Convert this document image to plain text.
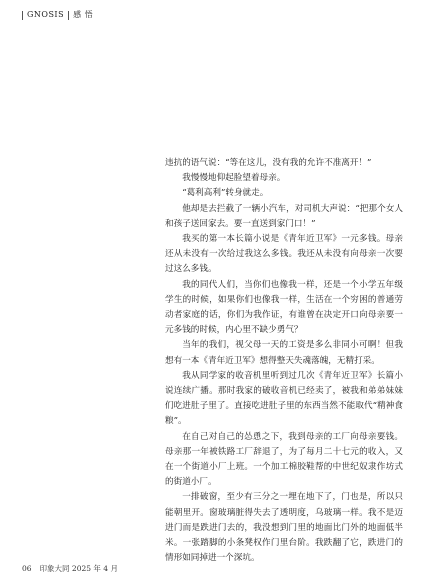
GNOSIS 感 悟

违抗的语气说：“等在这儿，没有我的允许不准离开！”

我慢慢地仰起脸望着母亲。

“葛利高利”转身就走。

他却是去拦截了一辆小汽车，对司机大声说：“把那个女人和孩子送回家去。要一直送到家门口！”

我买的第一本长篇小说是《青年近卫军》一元多钱。母亲还从未没有一次给过我这么多钱。我还从未没有向母亲一次要过这么多钱。

我的同代人们，当你们也像我一样，还是一个小学五年级学生的时候，如果你们也像我一样，生活在一个穷困的普通劳动者家庭的话，你们为我作证，有谁曾在决定开口向母亲要一元多钱的时候，内心里不缺少勇气？

当年的我们，视父母一天的工资是多么非同小可啊！但我想有一本《青年近卫军》想得整天失魂落魄，无精打采。

我从同学家的收音机里听到过几次《青年近卫军》长篇小说连续广播。那时我家的破收音机已经卖了，被我和弟弟妹妹们吃进肚子里了。直接吃进肚子里的东西当然不能取代“精神食粮”。

在自己对自己的怂恿之下，我到母亲的工厂向母亲要钱。母亲那一年被铁路工厂辞退了，为了每月二十七元的收入，又在一个街道小厂上班。一个加工棉胶鞋帮的中世纪奴隶作坊式的街道小厂。

一排破窗，至少有三分之一埋在地下了，门也是，所以只能朝里开。窗玻璃脏得失去了透明度，乌玻璃一样。我不是迈进门而是跌进门去的，我没想到门里的地面比门外的地面低半米。一张踏脚的小条凳权作门里台阶。我跌翻了它，跌进门的情形如同掉进一个深坑。

06 印象大同 2025 年 4 月
